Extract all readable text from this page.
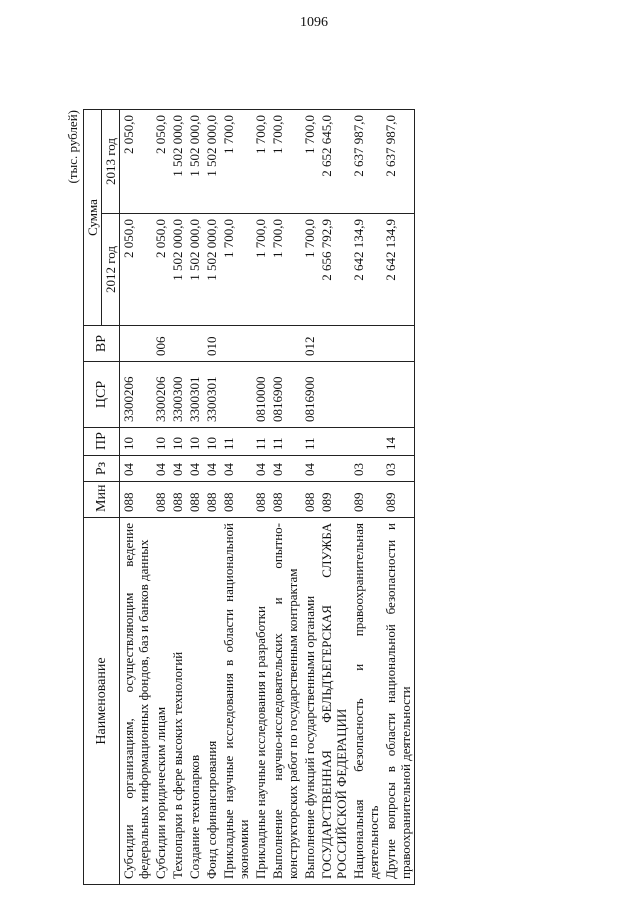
1096
(тыс. рублей)
Наименование	Мин	Рз	ПР	ЦСР	ВР	Сумма	
						2012 год	2013 год
Субсидии организациям, осуществляющим ведение федеральных информационных фондов, баз и банков данных	088	04	10	3300206		2 050,0	2 050,0
Субсидии юридическим лицам	088	04	10	3300206	006	2 050,0	2 050,0
Технопарки в сфере высоких технологий	088	04	10	3300300		1 502 000,0	1 502 000,0
Создание технопарков	088	04	10	3300301		1 502 000,0	1 502 000,0
Фонд софинансирования	088	04	10	3300301	010	1 502 000,0	1 502 000,0
Прикладные научные исследования в области национальной экономики	088	04	11			1 700,0	1 700,0
Прикладные научные исследования и разработки	088	04	11	0810000		1 700,0	1 700,0
Выполнение научно-исследовательских и опытно-конструкторских работ по государственным контрактам	088	04	11	0816900		1 700,0	1 700,0
Выполнение функций государственными органами	088	04	11	0816900	012	1 700,0	1 700,0
ГОСУДАРСТВЕННАЯ ФЕЛЬДЪЕГЕРСКАЯ СЛУЖБА РОССИЙСКОЙ ФЕДЕРАЦИИ	089					2 656 792,9	2 652 645,0
Национальная безопасность и правоохранительная деятельность	089	03				2 642 134,9	2 637 987,0
Другие вопросы в области национальной безопасности и правоохранительной деятельности	089	03	14			2 642 134,9	2 637 987,0
